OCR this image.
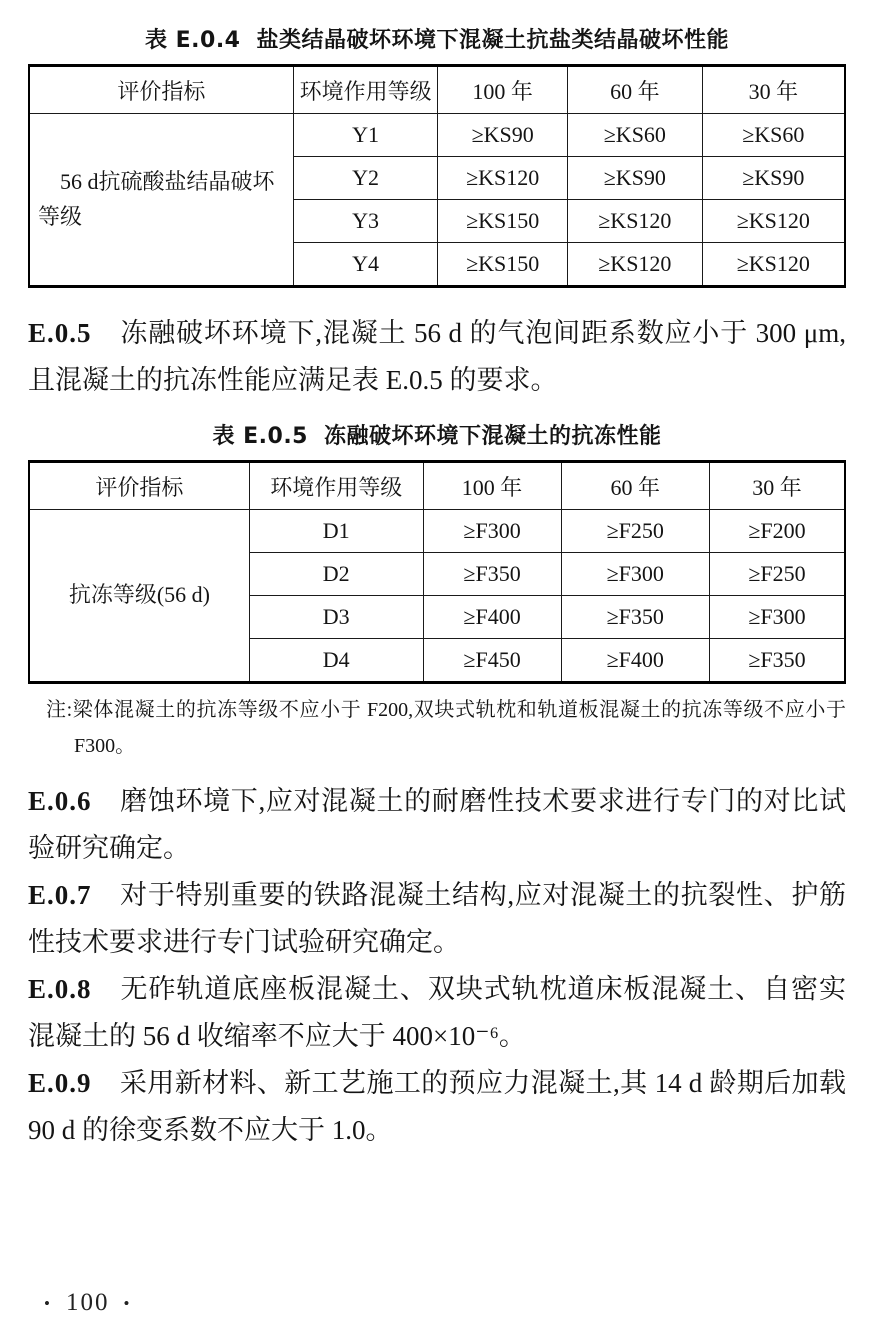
表 E.0.4 盐类结晶破坏环境下混凝土抗盐类结晶破坏性能
评价指标	环境作用等级	100 年	60 年	30 年

56 d抗硫酸盐结晶破坏等级	Y1	≥KS90	≥KS60	≥KS60
	Y2	≥KS120	≥KS90	≥KS90
	Y3	≥KS150	≥KS120	≥KS120
	Y4	≥KS150	≥KS120	≥KS120

E.0.5 冻融破坏环境下,混凝土 56 d 的气泡间距系数应小于 300 μm,且混凝土的抗冻性能应满足表 E.0.5 的要求。

表 E.0.5 冻融破坏环境下混凝土的抗冻性能
评价指标	环境作用等级	100 年	60 年	30 年

抗冻等级(56 d)	D1	≥F300	≥F250	≥F200
	D2	≥F350	≥F300	≥F250
	D3	≥F400	≥F350	≥F300
	D4	≥F450	≥F400	≥F350
注:梁体混凝土的抗冻等级不应小于 F200,双块式轨枕和轨道板混凝土的抗冻等级不应小于 F300。

E.0.6 磨蚀环境下,应对混凝土的耐磨性技术要求进行专门的对比试验研究确定。

E.0.7 对于特别重要的铁路混凝土结构,应对混凝土的抗裂性、护筋性技术要求进行专门试验研究确定。

E.0.8 无砟轨道底座板混凝土、双块式轨枕道床板混凝土、自密实混凝土的 56 d 收缩率不应大于 400×10⁻⁶。

E.0.9 采用新材料、新工艺施工的预应力混凝土,其 14 d 龄期后加载90 d 的徐变系数不应大于 1.0。

• 100 •
